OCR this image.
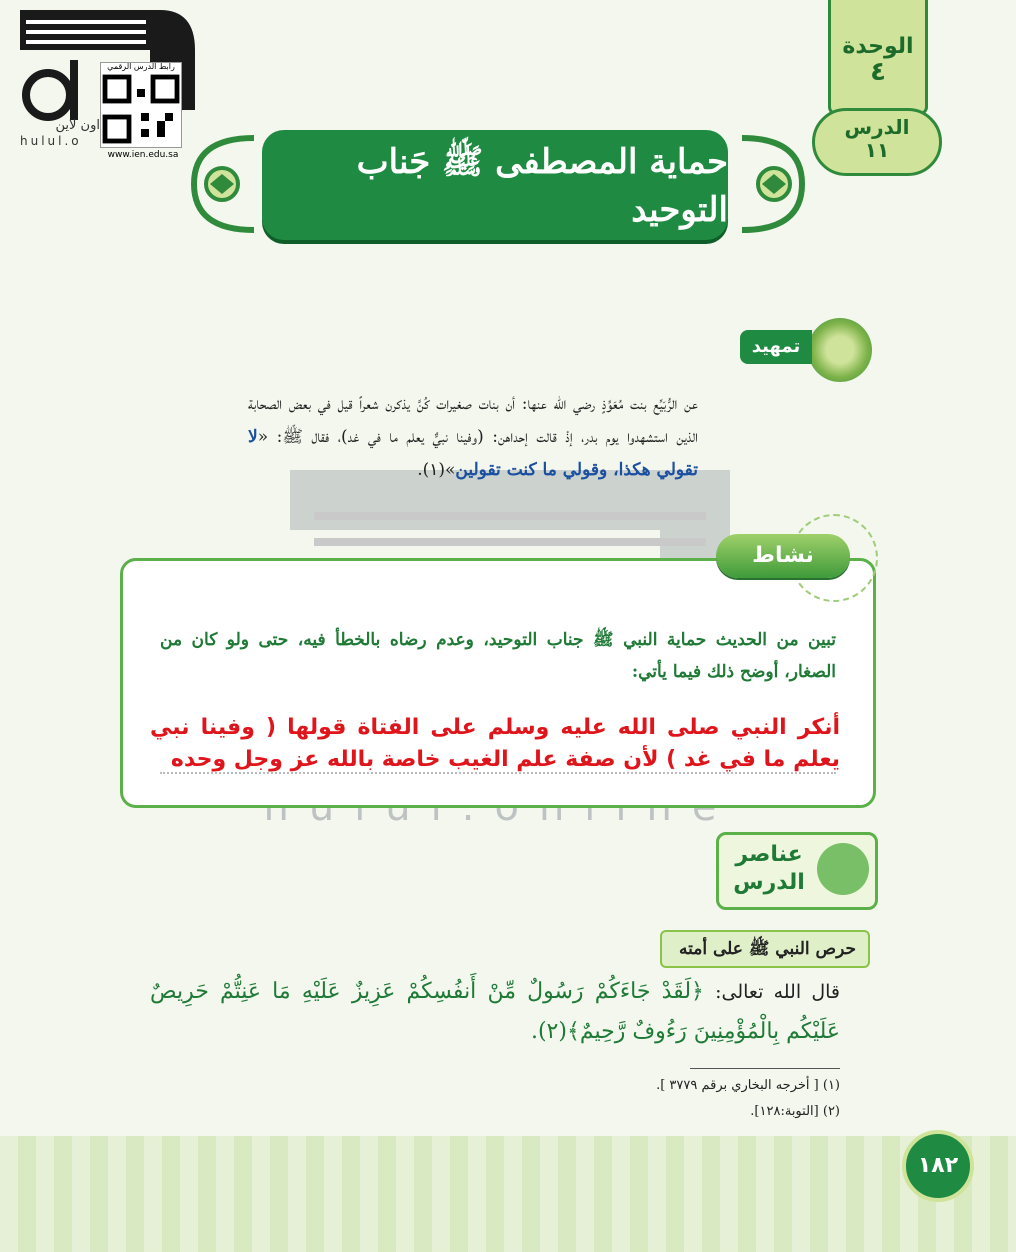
اون لاين
hulul.o
رابط الدرس الرقمي
www.ien.edu.sa
الوحدة
٤
الدرس
١١
حماية المصطفى ﷺ جَناب التوحيد
تمهيد
عن الرُّبَيِّع بنت مُعَوِّذٍ رضي الله عنها: أن بنات صغيرات كُنَّ يذكرن شعراً قيل في بعض الصحابة الذين استشهدوا يوم بدر، إذْ قالت إحداهن: (وفينا نبيٌّ يعلم ما في غد)، فقال ﷺ: «لا تقولي هكذا، وقولي ما كنت تقولين»(١).
نشاط
تبين من الحديث حماية النبي ﷺ جناب التوحيد، وعدم رضاه بالخطأ فيه، حتى ولو كان من الصغار، أوضح ذلك فيما يأتي:
أنكر النبي صلى الله عليه وسلم على الفتاة قولها ( وفينا نبي يعلم ما في غد ) لأن صفة علم الغيب خاصة بالله عز وجل وحده
عناصر
الدرس
حرص النبي ﷺ على أمته
قال الله تعالى: ﴿لَقَدْ جَاءَكُمْ رَسُولٌ مِّنْ أَنفُسِكُمْ عَزِيزٌ عَلَيْهِ مَا عَنِتُّمْ حَرِيصٌ عَلَيْكُم بِالْمُؤْمِنِينَ رَءُوفٌ رَّحِيمٌ﴾(٢).
(١) [ أخرجه البخاري برقم ٣٧٧٩ ].
(٢) [التوبة:١٢٨].
١٨٢
